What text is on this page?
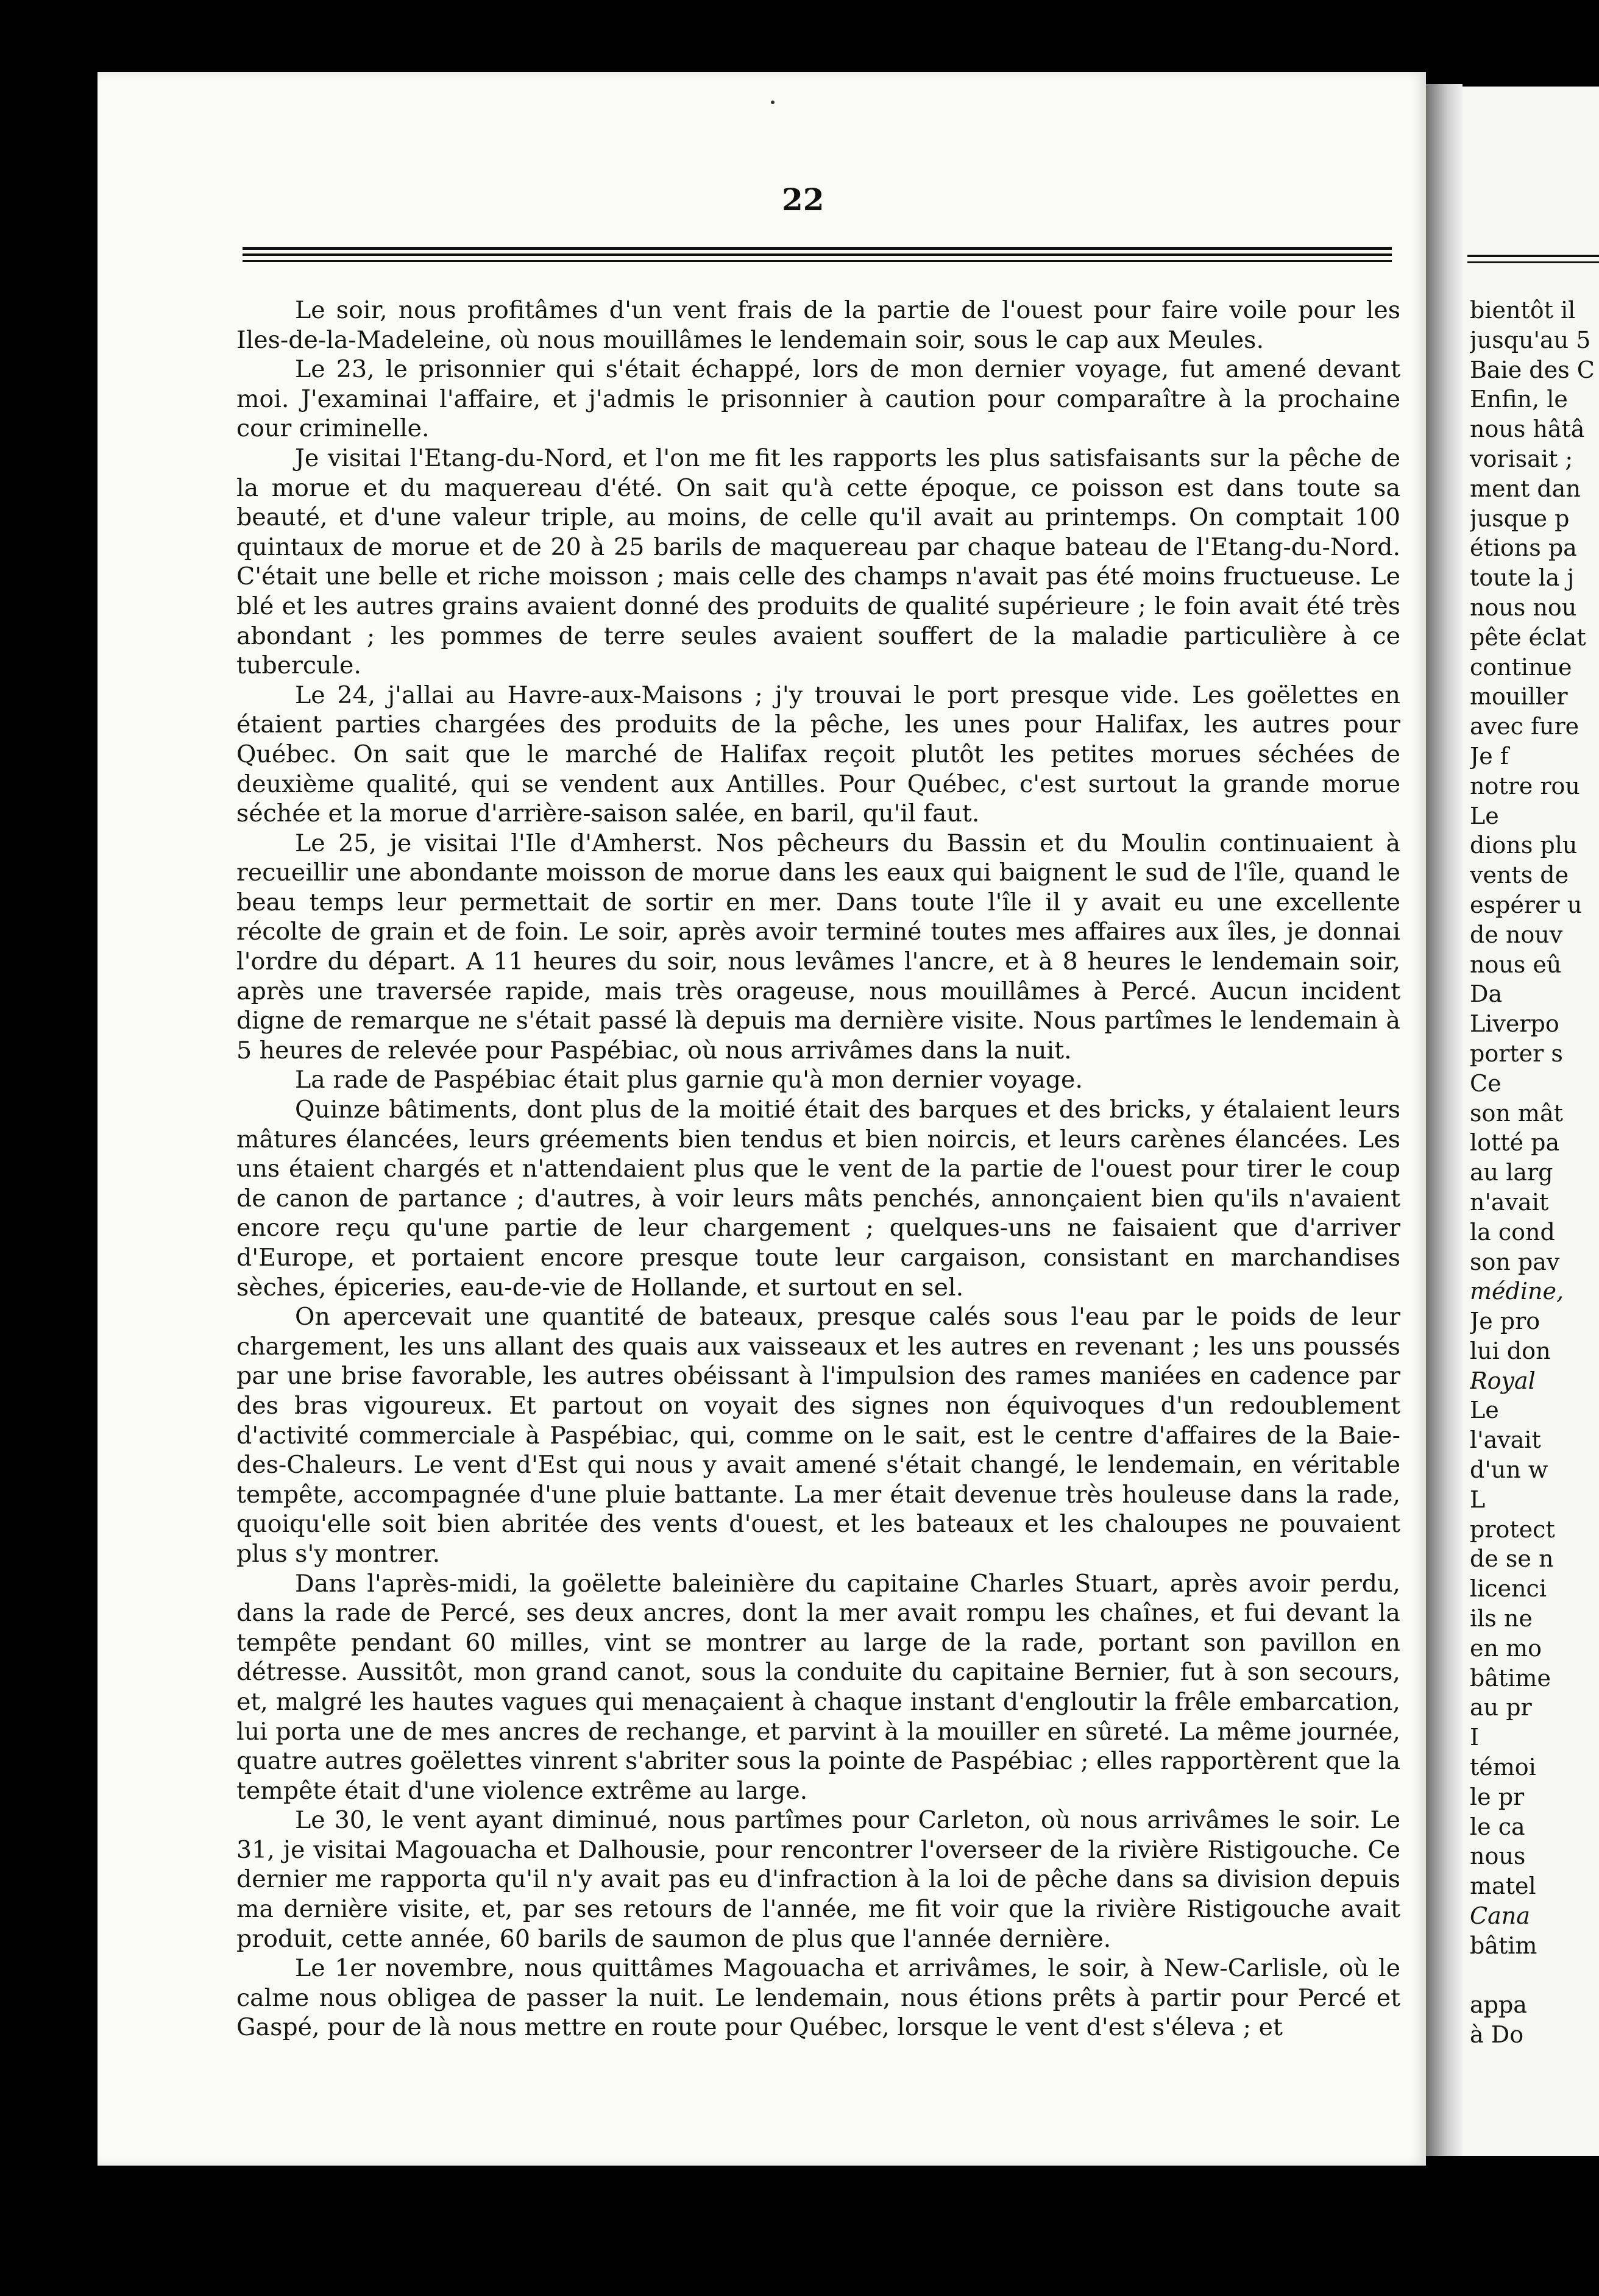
22

Le soir, nous profitâmes d'un vent frais de la partie de l'ouest pour faire voile pour les Iles-de-la-Madeleine, où nous mouillâmes le lendemain soir, sous le cap aux Meules.

Le 23, le prisonnier qui s'était échappé, lors de mon dernier voyage, fut amené devant moi. J'examinai l'affaire, et j'admis le prisonnier à caution pour comparaître à la prochaine cour criminelle.

Je visitai l'Etang-du-Nord, et l'on me fit les rapports les plus satisfaisants sur la pêche de la morue et du maquereau d'été. On sait qu'à cette époque, ce poisson est dans toute sa beauté, et d'une valeur triple, au moins, de celle qu'il avait au printemps. On comptait 100 quintaux de morue et de 20 à 25 barils de maquereau par chaque bateau de l'Etang-du-Nord. C'était une belle et riche moisson ; mais celle des champs n'avait pas été moins fructueuse. Le blé et les autres grains avaient donné des produits de qualité supérieure ; le foin avait été très abondant ; les pommes de terre seules avaient souffert de la maladie particulière à ce tubercule.

Le 24, j'allai au Havre-aux-Maisons ; j'y trouvai le port presque vide. Les goëlettes en étaient parties chargées des produits de la pêche, les unes pour Halifax, les autres pour Québec. On sait que le marché de Halifax reçoit plutôt les petites morues séchées de deuxième qualité, qui se vendent aux Antilles. Pour Québec, c'est surtout la grande morue séchée et la morue d'arrière-saison salée, en baril, qu'il faut.

Le 25, je visitai l'Ile d'Amherst. Nos pêcheurs du Bassin et du Moulin continuaient à recueillir une abondante moisson de morue dans les eaux qui baignent le sud de l'île, quand le beau temps leur permettait de sortir en mer. Dans toute l'île il y avait eu une excellente récolte de grain et de foin. Le soir, après avoir terminé toutes mes affaires aux îles, je donnai l'ordre du départ. A 11 heures du soir, nous levâmes l'ancre, et à 8 heures le lendemain soir, après une traversée rapide, mais très orageuse, nous mouillâmes à Percé. Aucun incident digne de remarque ne s'était passé là depuis ma dernière visite. Nous partîmes le lendemain à 5 heures de relevée pour Paspébiac, où nous arrivâmes dans la nuit.

La rade de Paspébiac était plus garnie qu'à mon dernier voyage.

Quinze bâtiments, dont plus de la moitié était des barques et des bricks, y étalaient leurs mâtures élancées, leurs gréements bien tendus et bien noircis, et leurs carènes élancées. Les uns étaient chargés et n'attendaient plus que le vent de la partie de l'ouest pour tirer le coup de canon de partance ; d'autres, à voir leurs mâts penchés, annonçaient bien qu'ils n'avaient encore reçu qu'une partie de leur chargement ; quelques-uns ne faisaient que d'arriver d'Europe, et portaient encore presque toute leur cargaison, consistant en marchandises sèches, épiceries, eau-de-vie de Hollande, et surtout en sel.

On apercevait une quantité de bateaux, presque calés sous l'eau par le poids de leur chargement, les uns allant des quais aux vaisseaux et les autres en revenant ; les uns poussés par une brise favorable, les autres obéissant à l'impulsion des rames maniées en cadence par des bras vigoureux. Et partout on voyait des signes non équivoques d'un redoublement d'activité commerciale à Paspébiac, qui, comme on le sait, est le centre d'affaires de la Baie-des-Chaleurs. Le vent d'Est qui nous y avait amené s'était changé, le lendemain, en véritable tempête, accompagnée d'une pluie battante. La mer était devenue très houleuse dans la rade, quoiqu'elle soit bien abritée des vents d'ouest, et les bateaux et les chaloupes ne pouvaient plus s'y montrer.

Dans l'après-midi, la goëlette baleinière du capitaine Charles Stuart, après avoir perdu, dans la rade de Percé, ses deux ancres, dont la mer avait rompu les chaînes, et fui devant la tempête pendant 60 milles, vint se montrer au large de la rade, portant son pavillon en détresse. Aussitôt, mon grand canot, sous la conduite du capitaine Bernier, fut à son secours, et, malgré les hautes vagues qui menaçaient à chaque instant d'engloutir la frêle embarcation, lui porta une de mes ancres de rechange, et parvint à la mouiller en sûreté. La même journée, quatre autres goëlettes vinrent s'abriter sous la pointe de Paspébiac ; elles rapportèrent que la tempête était d'une violence extrême au large.

Le 30, le vent ayant diminué, nous partîmes pour Carleton, où nous arrivâmes le soir. Le 31, je visitai Magouacha et Dalhousie, pour rencontrer l'overseer de la rivière Ristigouche. Ce dernier me rapporta qu'il n'y avait pas eu d'infraction à la loi de pêche dans sa division depuis ma dernière visite, et, par ses retours de l'année, me fit voir que la rivière Ristigouche avait produit, cette année, 60 barils de saumon de plus que l'année dernière.

Le 1er novembre, nous quittâmes Magouacha et arrivâmes, le soir, à New-Carlisle, où le calme nous obligea de passer la nuit. Le lendemain, nous étions prêts à partir pour Percé et Gaspé, pour de là nous mettre en route pour Québec, lorsque le vent d'est s'éleva ; et

bientôt il
jusqu'au 5
Baie des C
Enfin, le
nous hâtâ
vorisait ;
ment dan
jusque p
étions pa
toute la j
nous nou
pête éclat
continue
mouiller
avec fure
Je f
notre rou
Le
dions plu
vents de
espérer u
de nouv
nous eû
Da
Liverpo
porter s
Ce
son mât
lotté pa
au larg
n'avait
la cond
son pav
médine,
Je pro
lui don
Royal
Le
l'avait
d'un w
L
protect
de se n
licenci
ils ne
en mo
bâtime
au pr
I
témoi
le pr
le ca
nous
matel
Cana
bâtim
appa
à Do
